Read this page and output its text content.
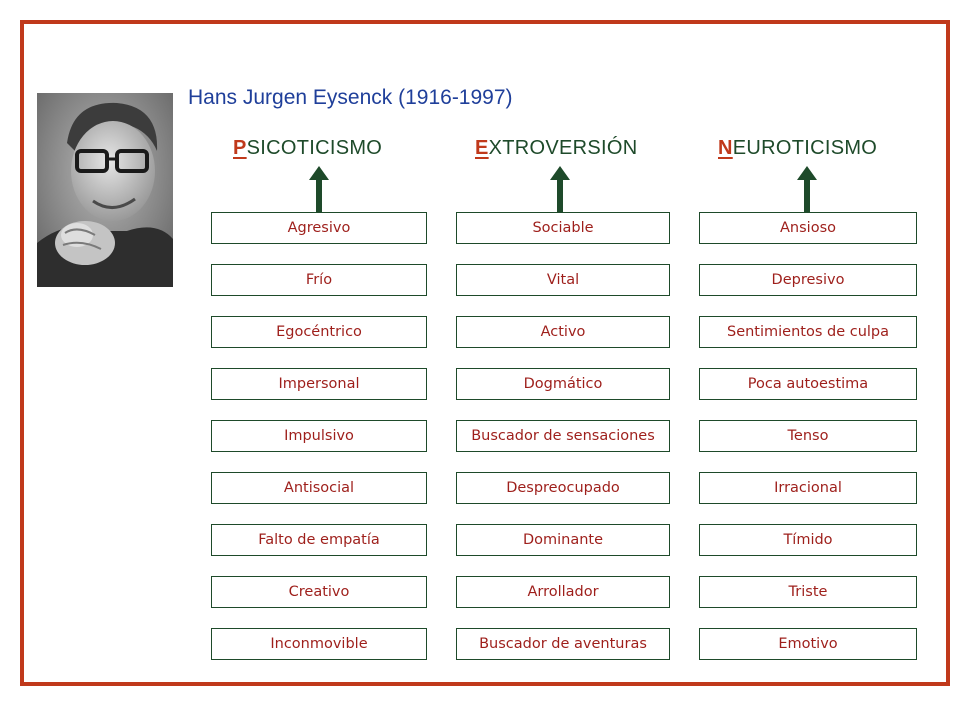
Hans Jurgen Eysenck (1916-1997)
PSICOTICISMO	EXTROVERSIÓN	NEUROTICISMO
Agresivo
Frío
Egocéntrico
Impersonal
Impulsivo
Antisocial
Falto de empatía
Creativo
Inconmovible
Sociable
Vital
Activo
Dogmático
Buscador de sensaciones
Despreocupado
Dominante
Arrollador
Buscador de aventuras
Ansioso
Depresivo
Sentimientos de culpa
Poca autoestima
Tenso
Irracional
Tímido
Triste
Emotivo
